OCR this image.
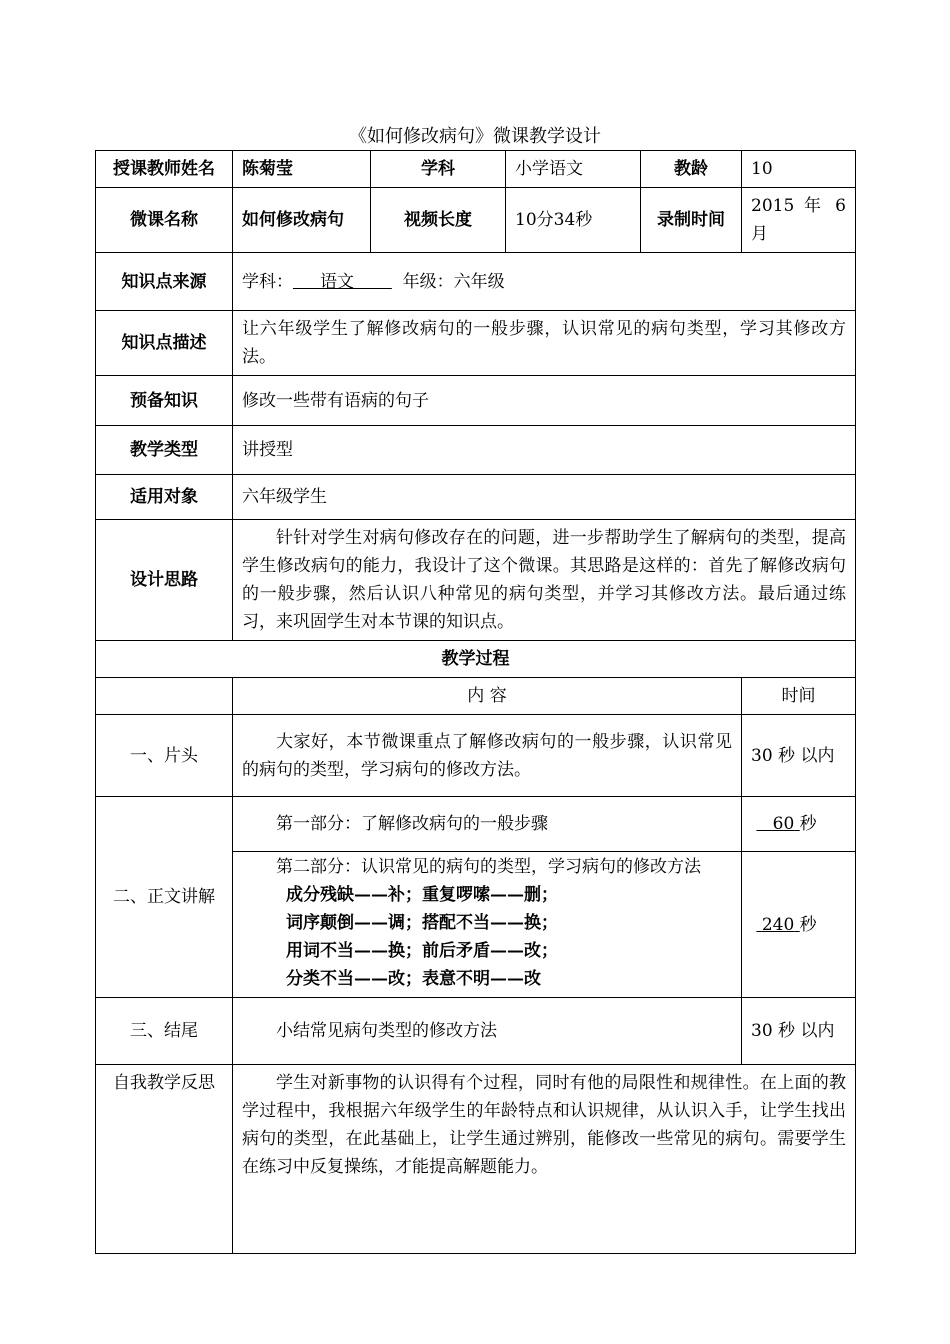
《如何修改病句》微课教学设计
授课教师姓名	陈菊莹	学科	小学语文	教龄	10
微课名称	如何修改病句	视频长度	10分34秒	录制时间	2015 年 6 月
知识点来源	学科： 语文 年级：六年级				
知识点描述	让六年级学生了解修改病句的一般步骤，认识常见的病句类型，学习其修改方法。				
预备知识	修改一些带有语病的句子				
教学类型	讲授型				
适用对象	六年级学生				
设计思路	针针对学生对病句修改存在的问题，进一步帮助学生了解病句的类型，提高学生修改病句的能力，我设计了这个微课。其思路是这样的：首先了解修改病句的一般步骤，然后认识八种常见的病句类型，并学习其修改方法。最后通过练习，来巩固学生对本节课的知识点。				
教学过程					
	内 容				时间
一、片头	大家好，本节微课重点了解修改病句的一般步骤，认识常见的病句的类型，学习病句的修改方法。				30 秒 以内
二、正文讲解	第一部分：了解修改病句的一般步骤				60 秒

	第二部分：认识常见的病句的类型，学习病句的修改方法
成分残缺——补；重复啰嗦——删；
词序颠倒——调；搭配不当——换；
用词不当——换；前后矛盾——改；
分类不当——改；表意不明——改				240 秒
三、结尾	小结常见病句类型的修改方法				30 秒 以内
自我教学反思	学生对新事物的认识得有个过程，同时有他的局限性和规律性。在上面的教学过程中，我根据六年级学生的年龄特点和认识规律，从认识入手，让学生找出病句的类型，在此基础上，让学生通过辨别，能修改一些常见的病句。需要学生在练习中反复操练，才能提高解题能力。				
